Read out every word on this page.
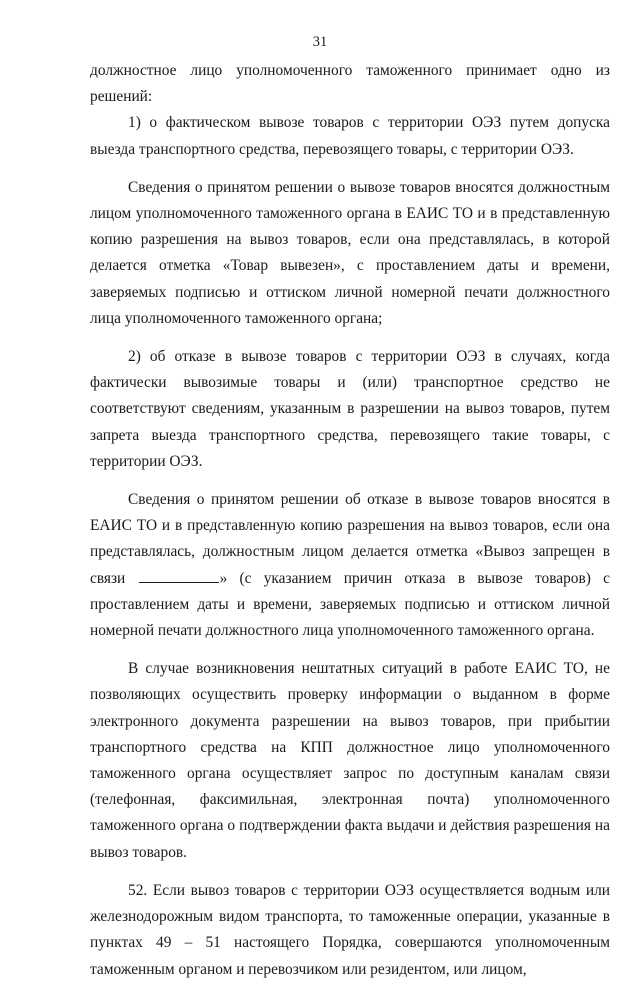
31

должностное лицо уполномоченного таможенного принимает одно из решений:

1) о фактическом вывозе товаров с территории ОЭЗ путем допуска выезда транспортного средства, перевозящего товары, с территории ОЭЗ.

Сведения о принятом решении о вывозе товаров вносятся должностным лицом уполномоченного таможенного органа в ЕАИС ТО и в представленную копию разрешения на вывоз товаров, если она представлялась, в которой делается отметка «Товар вывезен», с проставлением даты и времени, заверяемых подписью и оттиском личной номерной печати должностного лица уполномоченного таможенного органа;

2) об отказе в вывозе товаров с территории ОЭЗ в случаях, когда фактически вывозимые товары и (или) транспортное средство не соответствуют сведениям, указанным в разрешении на вывоз товаров, путем запрета выезда транспортного средства, перевозящего такие товары, с территории ОЭЗ.

Сведения о принятом решении об отказе в вывозе товаров вносятся в ЕАИС ТО и в представленную копию разрешения на вывоз товаров, если она представлялась, должностным лицом делается отметка «Вывоз запрещен в связи	» (с указанием причин отказа в вывозе товаров) с проставлением даты и времени, заверяемых подписью и оттиском личной номерной печати должностного лица уполномоченного таможенного органа.

В случае возникновения нештатных ситуаций в работе ЕАИС ТО, не позволяющих осуществить проверку информации о выданном в форме электронного документа разрешении на вывоз товаров, при прибытии транспортного средства на КПП должностное лицо уполномоченного таможенного органа осуществляет запрос по доступным каналам связи (телефонная, факсимильная, электронная почта) уполномоченного таможенного органа о подтверждении факта выдачи и действия разрешения на вывоз товаров.

52. Если вывоз товаров с территории ОЭЗ осуществляется водным или железнодорожным видом транспорта, то таможенные операции, указанные в пунктах 49 – 51 настоящего Порядка, совершаются уполномоченным таможенным органом и перевозчиком или резидентом, или лицом,
